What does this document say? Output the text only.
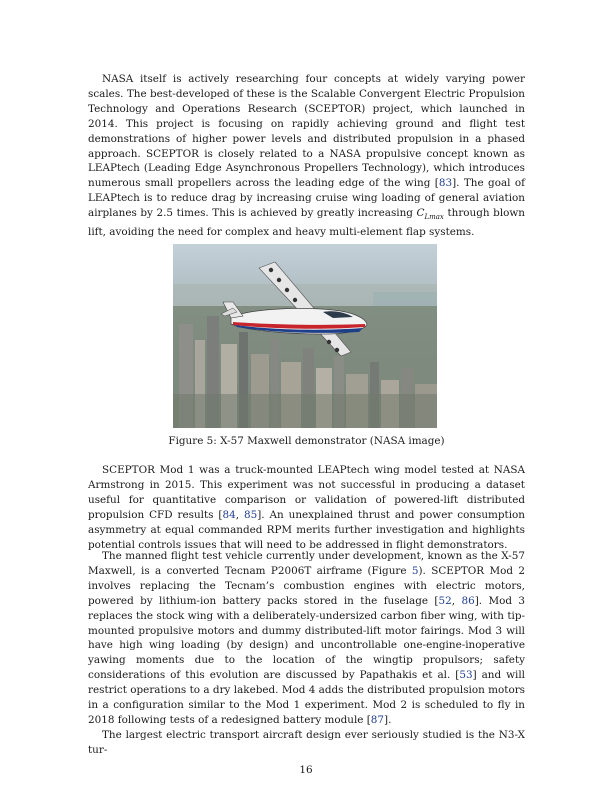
NASA itself is actively researching four concepts at widely varying power scales. The best-developed of these is the Scalable Convergent Electric Propulsion Technology and Operations Research (SCEPTOR) project, which launched in 2014. This project is focusing on rapidly achieving ground and flight test demonstrations of higher power levels and distributed propulsion in a phased approach. SCEPTOR is closely related to a NASA propulsive concept known as LEAPtech (Leading Edge Asynchronous Propellers Technology), which introduces numerous small propellers across the leading edge of the wing [83]. The goal of LEAPtech is to reduce drag by increasing cruise wing loading of general aviation airplanes by 2.5 times. This is achieved by greatly increasing $C_{Lmax}$ through blown lift, avoiding the need for complex and heavy multi-element flap systems.

Figure 5: X-57 Maxwell demonstrator (NASA image)

SCEPTOR Mod 1 was a truck-mounted LEAPtech wing model tested at NASA Armstrong in 2015. This experiment was not successful in producing a dataset useful for quantitative comparison or validation of powered-lift distributed propulsion CFD results [84, 85]. An unexplained thrust and power consumption asymmetry at equal commanded RPM merits further investigation and highlights potential controls issues that will need to be addressed in flight demonstrators.

The manned flight test vehicle currently under development, known as the X-57 Maxwell, is a converted Tecnam P2006T airframe (Figure 5). SCEPTOR Mod 2 involves replacing the Tecnam’s combustion engines with electric motors, powered by lithium-ion battery packs stored in the fuselage [52, 86]. Mod 3 replaces the stock wing with a deliberately-undersized carbon fiber wing, with tip-mounted propulsive motors and dummy distributed-lift motor fairings. Mod 3 will have high wing loading (by design) and uncontrollable one-engine-inoperative yawing moments due to the location of the wingtip propulsors; safety considerations of this evolution are discussed by Papathakis et al. [53] and will restrict operations to a dry lakebed. Mod 4 adds the distributed propulsion motors in a configuration similar to the Mod 1 experiment. Mod 2 is scheduled to fly in 2018 following tests of a redesigned battery module [87].

The largest electric transport aircraft design ever seriously studied is the N3-X tur-

16
